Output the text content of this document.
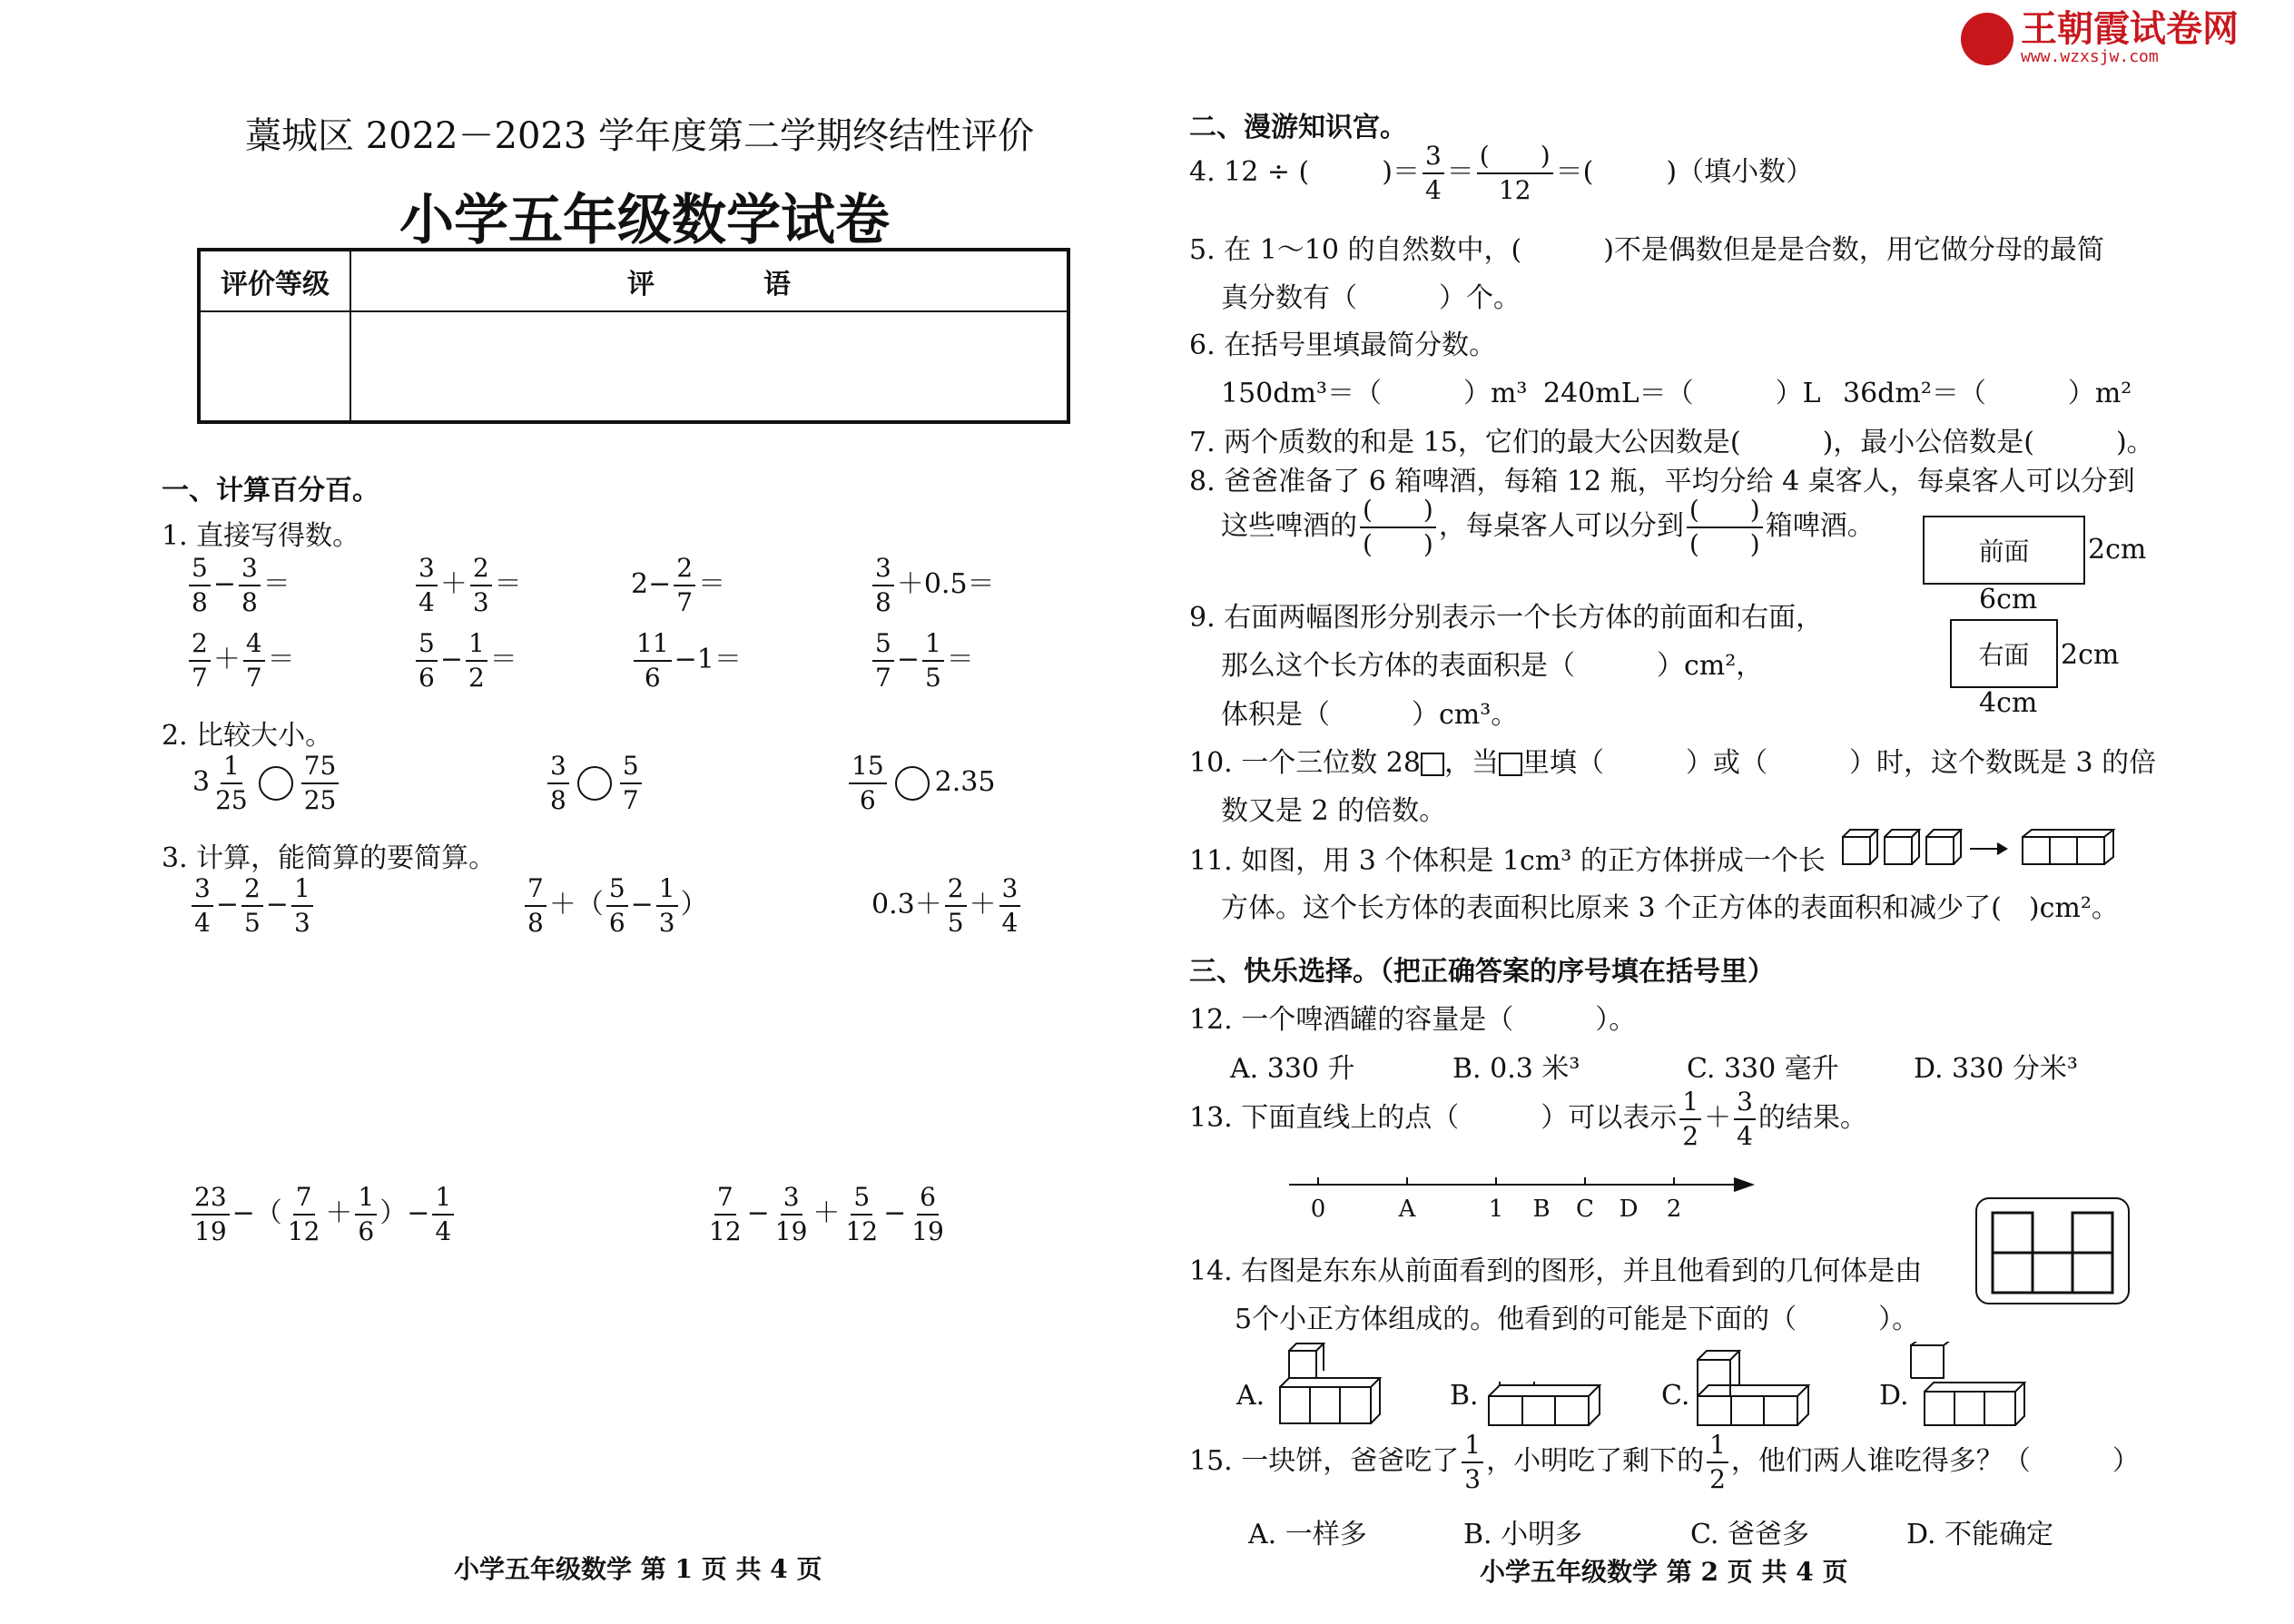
王朝霞试卷网
www.wzxsjw.com
藁城区 2022－2023 学年度第二学期终结性评价
小学五年级数学试卷
评价等级	评　　　　语
一、计算百分百。
1. 直接写得数。
$\frac{5}{8} - \frac{3}{8}$ ＝	$\frac{3}{4} + \frac{2}{3}$ ＝	$2- \frac{2}{7}$ ＝	$\frac{3}{8} +0.5=$
$\frac{2}{7} + \frac{4}{7}$ ＝	$\frac{5}{6} - \frac{1}{2}$ ＝	$\frac{11}{6} -1=$	$\frac{5}{7} - \frac{1}{5}$ ＝
2. 比较大小。
$3 \frac{1}{25} \frac{75}{25}$	$\frac{3}{8} \frac{5}{7}$	$\frac{15}{6} 2.35$
3. 计算，能简算的要简算。
$\frac{3}{4} - \frac{2}{5} - \frac{1}{3}$	$\frac{7}{8}$ ＋（ $\frac{5}{6} - \frac{1}{3}$ ）	$0.3+ \frac{2}{5} + \frac{3}{4}$
$\frac{23}{19}$ −（ $\frac{7}{12} + \frac{1}{6}$ ）− $\frac{1}{4}$	$\frac{7}{12} - \frac{3}{19} + \frac{5}{12} - \frac{6}{19}$
小学五年级数学 第 1 页 共 4 页
二、漫游知识宫。
4. 12 ÷ (	)＝ $\frac{3}{4} = \frac{( )}{12}$ ＝(	)（填小数）
5. 在 1～10 的自然数中，(　　　)不是偶数但是是合数，用它做分母的最简
真分数有（　　　）个。
6. 在括号里填最简分数。
150dm³＝（　　　）m³ 240mL＝（　　　）L 36dm²＝（　　　）m²
7. 两个质数的和是 15，它们的最大公因数是(　　　)，最小公倍数是(　　　)。
8. 爸爸准备了 6 箱啤酒，每箱 12 瓶，平均分给 4 桌客人，每桌客人可以分到
这些啤酒的 $\frac{( )}{( )}$ ，每桌客人可以分到 $\frac{( )}{( )}$ 箱啤酒。
前面	2cm
6cm
9. 右面两幅图形分别表示一个长方体的前面和右面，
那么这个长方体的表面积是（　　　）cm²，
体积是（　　　）cm³。
右面	2cm
4cm
10. 一个三位数 28 ，当 里填（　　　）或（　　　）时，这个数既是 3 的倍
数又是 2 的倍数。
11. 如图，用 3 个体积是 1cm³ 的正方体拼成一个长
方体。这个长方体的表面积比原来 3 个正方体的表面积和减少了(　)cm²。
三、快乐选择。（把正确答案的序号填在括号里）
12. 一个啤酒罐的容量是（　　　）。
A. 330 升	B. 0.3 米³	C. 330 毫升	D. 330 分米³
13. 下面直线上的点（　　　）可以表示 $\frac{1}{2} + \frac{3}{4}$ 的结果。
0	A	1 B C D 2
14. 右图是东东从前面看到的图形，并且他看到的几何体是由
5个小正方体组成的。他看到的可能是下面的（　　　）。
A.	B.	C.	D.
15. 一块饼，爸爸吃了 $\frac{1}{3}$ ，小明吃了剩下的 $\frac{1}{2}$ ，他们两人谁吃得多？（　　　）
A. 一样多	B. 小明多	C. 爸爸多	D. 不能确定
小学五年级数学 第 2 页 共 4 页
